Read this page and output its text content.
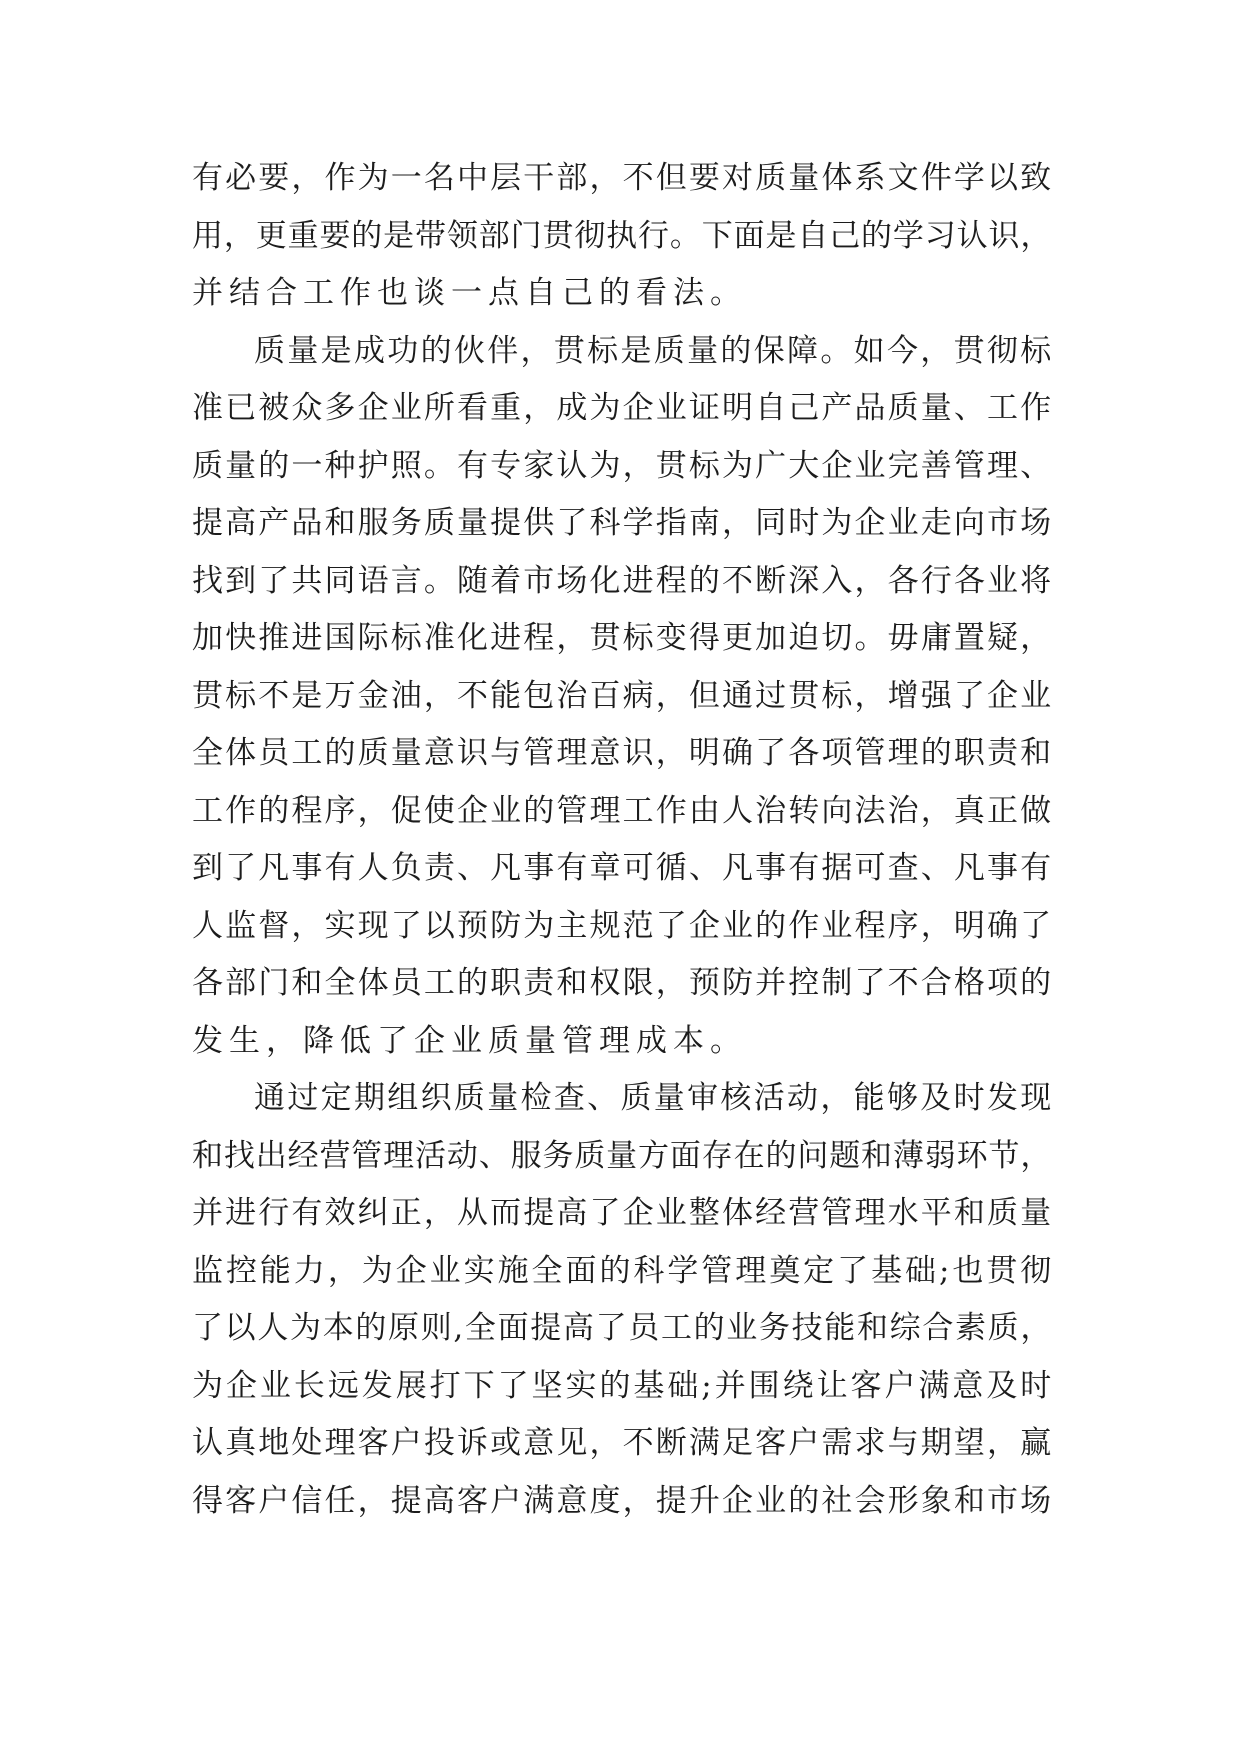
有 必 要 ， 作 为 一 名 中 层 干 部 ， 不 但 要 对 质 量 体 系 文 件 学 以 致

用 ， 更 重 要 的 是 带 领 部 门 贯 彻 执 行 。 下 面 是 自 己 的 学 习 认 识 ，

并结合工作也谈一点自己的看法。

质 量 是 成 功 的 伙 伴 ， 贯 标 是 质 量 的 保 障 。 如 今 ， 贯 彻 标

准 已 被 众 多 企 业 所 看 重 ， 成 为 企 业 证 明 自 己 产 品 质 量 、 工 作

质 量 的 一 种 护 照 。 有 专 家 认 为 ， 贯 标 为 广 大 企 业 完 善 管 理 、

提 高 产 品 和 服 务 质 量 提 供 了 科 学 指 南 ， 同 时 为 企 业 走 向 市 场

找 到 了 共 同 语 言 。 随 着 市 场 化 进 程 的 不 断 深 入 ， 各 行 各 业 将

加 快 推 进 国 际 标 准 化 进 程 ， 贯 标 变 得 更 加 迫 切 。 毋 庸 置 疑 ，

贯 标 不 是 万 金 油 ， 不 能 包 治 百 病 ， 但 通 过 贯 标 ， 增 强 了 企 业

全 体 员 工 的 质 量 意 识 与 管 理 意 识 ， 明 确 了 各 项 管 理 的 职 责 和

工 作 的 程 序 ， 促 使 企 业 的 管 理 工 作 由 人 治 转 向 法 治 ， 真 正 做

到 了 凡 事 有 人 负 责 、 凡 事 有 章 可 循 、 凡 事 有 据 可 查 、 凡 事 有

人 监 督 ， 实 现 了 以 预 防 为 主 规 范 了 企 业 的 作 业 程 序 ， 明 确 了

各 部 门 和 全 体 员 工 的 职 责 和 权 限 ， 预 防 并 控 制 了 不 合 格 项 的

发生，降低了企业质量管理成本。

通 过 定 期 组 织 质 量 检 查 、 质 量 审 核 活 动 ， 能 够 及 时 发 现

和 找 出 经 营 管 理 活 动 、 服 务 质 量 方 面 存 在 的 问 题 和 薄 弱 环 节 ，

并 进 行 有 效 纠 正 ， 从 而 提 高 了 企 业 整 体 经 营 管 理 水 平 和 质 量

监 控 能 力 ， 为 企 业 实 施 全 面 的 科 学 管 理 奠 定 了 基 础 ; 也 贯 彻

了 以 人 为 本 的 原 则 , 全 面 提 高 了 员 工 的 业 务 技 能 和 综 合 素 质 ，

为 企 业 长 远 发 展 打 下 了 坚 实 的 基 础 ; 并 围 绕 让 客 户 满 意 及 时

认 真 地 处 理 客 户 投 诉 或 意 见 ， 不 断 满 足 客 户 需 求 与 期 望 ， 赢

得 客 户 信 任 ， 提 高 客 户 满 意 度 ， 提 升 企 业 的 社 会 形 象 和 市 场
